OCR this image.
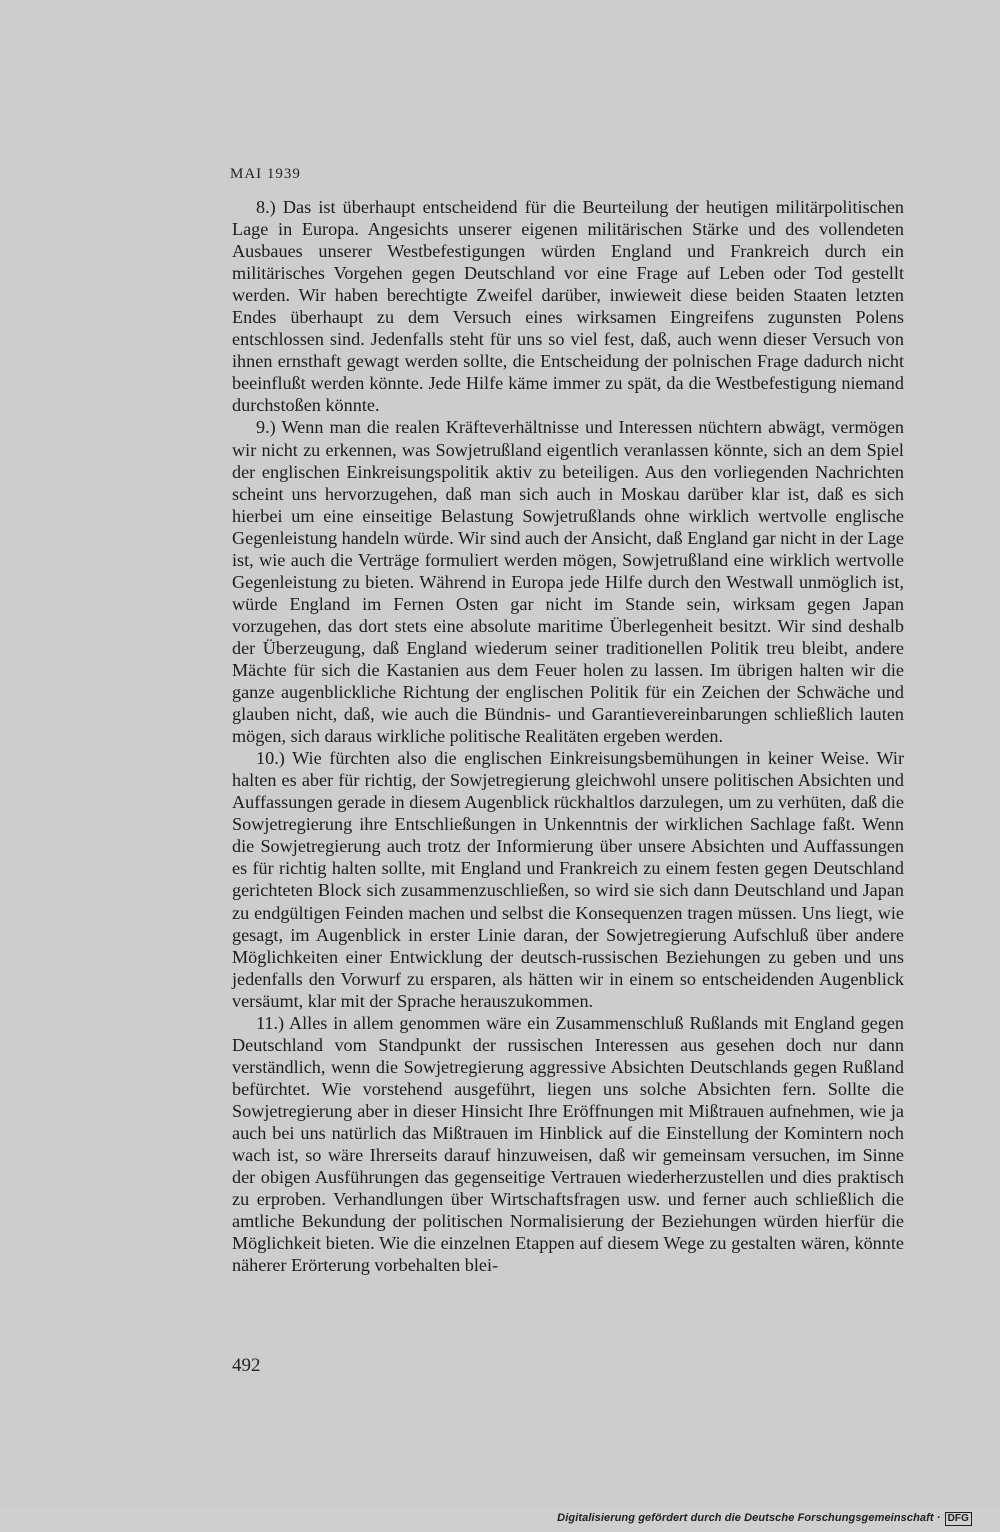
MAI 1939

8.) Das ist überhaupt entscheidend für die Beurteilung der heutigen militärpolitischen Lage in Europa. Angesichts unserer eigenen militärischen Stärke und des vollendeten Ausbaues unserer Westbefestigungen würden England und Frankreich durch ein militärisches Vorgehen gegen Deutschland vor eine Frage auf Leben oder Tod gestellt werden. Wir haben berechtigte Zweifel darüber, inwieweit diese beiden Staaten letzten Endes überhaupt zu dem Versuch eines wirksamen Eingreifens zugunsten Polens entschlossen sind. Jedenfalls steht für uns so viel fest, daß, auch wenn dieser Versuch von ihnen ernsthaft gewagt werden sollte, die Entscheidung der polnischen Frage dadurch nicht beeinflußt werden könnte. Jede Hilfe käme immer zu spät, da die Westbefestigung niemand durchstoßen könnte.

9.) Wenn man die realen Kräfteverhältnisse und Interessen nüchtern abwägt, vermögen wir nicht zu erkennen, was Sowjetrußland eigentlich veranlassen könnte, sich an dem Spiel der englischen Einkreisungspolitik aktiv zu beteiligen. Aus den vorliegenden Nachrichten scheint uns hervorzugehen, daß man sich auch in Moskau darüber klar ist, daß es sich hierbei um eine einseitige Belastung Sowjetrußlands ohne wirklich wertvolle englische Gegenleistung handeln würde. Wir sind auch der Ansicht, daß England gar nicht in der Lage ist, wie auch die Verträge formuliert werden mögen, Sowjetrußland eine wirklich wertvolle Gegenleistung zu bieten. Während in Europa jede Hilfe durch den Westwall unmöglich ist, würde England im Fernen Osten gar nicht im Stande sein, wirksam gegen Japan vorzugehen, das dort stets eine absolute maritime Überlegenheit besitzt. Wir sind deshalb der Überzeugung, daß England wiederum seiner traditionellen Politik treu bleibt, andere Mächte für sich die Kastanien aus dem Feuer holen zu lassen. Im übrigen halten wir die ganze augenblickliche Richtung der englischen Politik für ein Zeichen der Schwäche und glauben nicht, daß, wie auch die Bündnis- und Garantievereinbarungen schließlich lauten mögen, sich daraus wirkliche politische Realitäten ergeben werden.

10.) Wie fürchten also die englischen Einkreisungsbemühungen in keiner Weise. Wir halten es aber für richtig, der Sowjetregierung gleichwohl unsere politischen Absichten und Auffassungen gerade in diesem Augenblick rückhaltlos darzulegen, um zu verhüten, daß die Sowjetregierung ihre Entschließungen in Unkenntnis der wirklichen Sachlage faßt. Wenn die Sowjetregierung auch trotz der Informierung über unsere Absichten und Auffassungen es für richtig halten sollte, mit England und Frankreich zu einem festen gegen Deutschland gerichteten Block sich zusammenzuschließen, so wird sie sich dann Deutschland und Japan zu endgültigen Feinden machen und selbst die Konsequenzen tragen müssen. Uns liegt, wie gesagt, im Augenblick in erster Linie daran, der Sowjetregierung Aufschluß über andere Möglichkeiten einer Entwicklung der deutsch-russischen Beziehungen zu geben und uns jedenfalls den Vorwurf zu ersparen, als hätten wir in einem so entscheidenden Augenblick versäumt, klar mit der Sprache herauszukommen.

11.) Alles in allem genommen wäre ein Zusammenschluß Rußlands mit England gegen Deutschland vom Standpunkt der russischen Interessen aus gesehen doch nur dann verständlich, wenn die Sowjetregierung aggressive Absichten Deutschlands gegen Rußland befürchtet. Wie vorstehend ausgeführt, liegen uns solche Absichten fern. Sollte die Sowjetregierung aber in dieser Hinsicht Ihre Eröffnungen mit Mißtrauen aufnehmen, wie ja auch bei uns natürlich das Mißtrauen im Hinblick auf die Einstellung der Komintern noch wach ist, so wäre Ihrerseits darauf hinzuweisen, daß wir gemeinsam versuchen, im Sinne der obigen Ausführungen das gegenseitige Vertrauen wiederherzustellen und dies praktisch zu erproben. Verhandlungen über Wirtschaftsfragen usw. und ferner auch schließlich die amtliche Bekundung der politischen Normalisierung der Beziehungen würden hierfür die Möglichkeit bieten. Wie die einzelnen Etappen auf diesem Wege zu gestalten wären, könnte näherer Erörterung vorbehalten blei-

492
Digitalisierung gefördert durch die Deutsche Forschungsgemeinschaft · DFG
